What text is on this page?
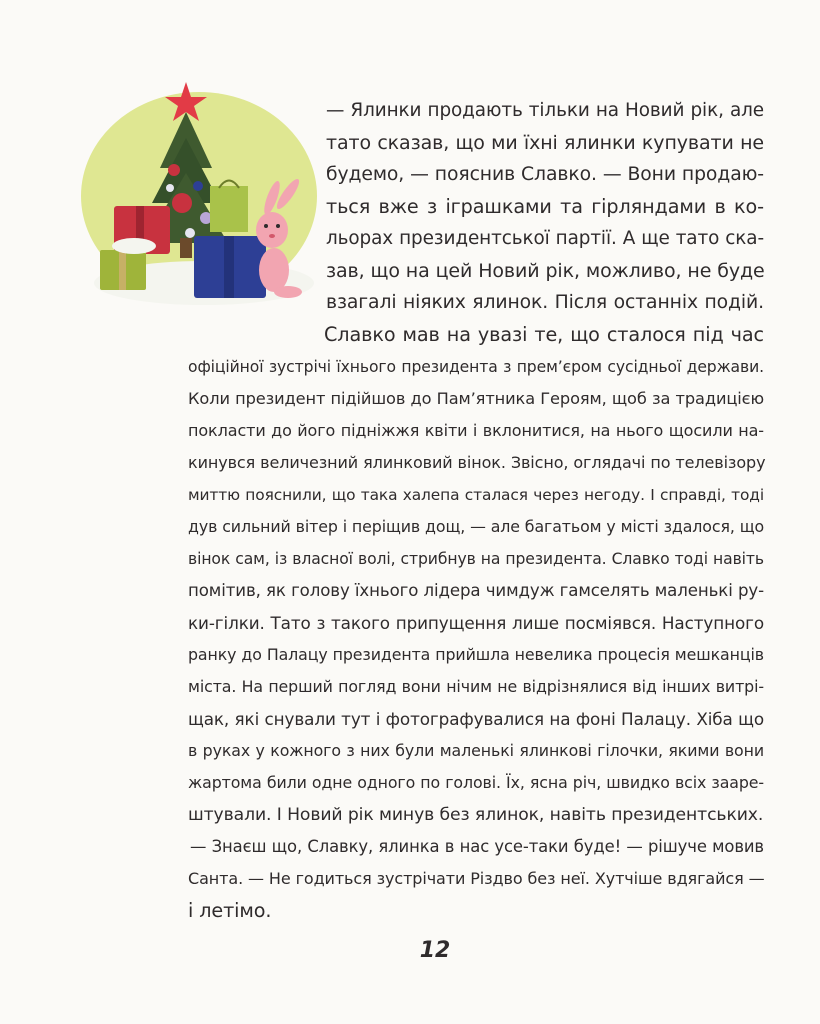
— Ялинки продають тільки на Новий рік, але
тато сказав, що ми їхні ялинки купувати не
будемо, — пояснив Славко. — Вони продаю-
ться вже з іграшками та гірляндами в ко-
льорах президентської партії. А ще тато ска-
зав, що на цей Новий рік, можливо, не буде
взагалі ніяких ялинок. Після останніх подій.
Славко мав на увазі те, що сталося під час
офіційної зустрічі їхнього президента з прем’єром сусідньої держави.
Коли президент підійшов до Пам’ятника Героям, щоб за традицією
покласти до його підніжжя квіти і вклонитися, на нього щосили на-
кинувся величезний ялинковий вінок. Звісно, оглядачі по телевізору
миттю пояснили, що така халепа сталася через негоду. І справді, тоді
дув сильний вітер і періщив дощ, — але багатьом у місті здалося, що
вінок сам, із власної волі, стрибнув на президента. Славко тоді навіть
помітив, як голову їхнього лідера чимдуж гамселять маленькі ру-
ки-гілки. Тато з такого припущення лише посміявся. Наступного
ранку до Палацу президента прийшла невелика процесія мешканців
міста. На перший погляд вони нічим не відрізнялися від інших витрі-
щак, які снували тут і фотографувалися на фоні Палацу. Хіба що
в руках у кожного з них були маленькі ялинкові гілочки, якими вони
жартома били одне одного по голові. Їх, ясна річ, швидко всіх зааре-
штували. І Новий рік минув без ялинок, навіть президентських.
— Знаєш що, Славку, ялинка в нас усе-таки буде! — рішуче мовив
Санта. — Не годиться зустрічати Різдво без неї. Хутчіше вдягайся —
і летімо.
12
